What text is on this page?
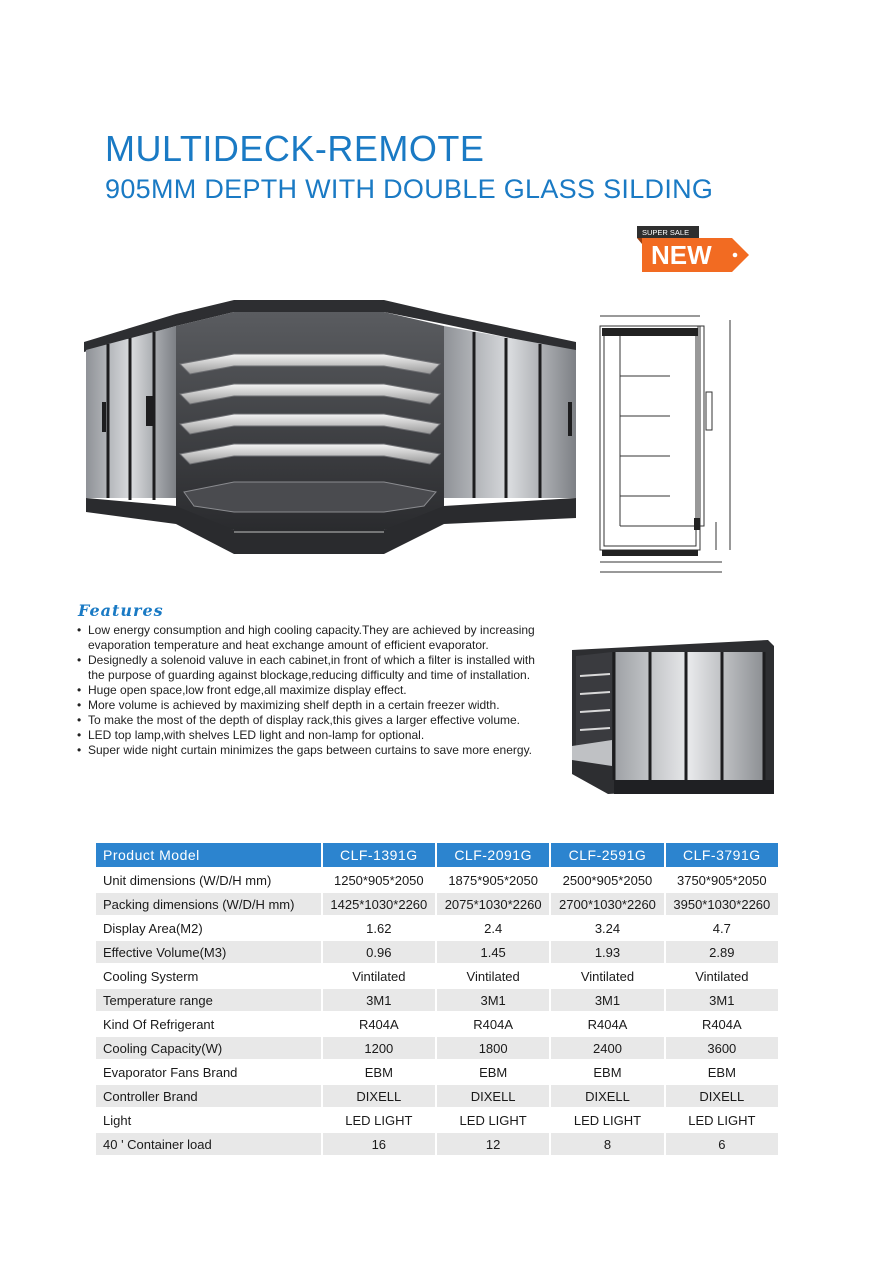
MULTIDECK-REMOTE
905MM DEPTH WITH DOUBLE GLASS SILDING
SUPER SALE
NEW
Features
• Low energy consumption and high cooling capacity.They are achieved by increasing evaporation temperature and heat exchange amount of efficient evaporator.
• Designedly a solenoid valuve in each cabinet,in front of which a filter is installed with the purpose of guarding against blockage,reducing difficulty and time of installation.
• Huge open space,low front edge,all maximize display effect.
• More volume is achieved by maximizing shelf depth in a certain freezer width.
• To make the most of the depth of display rack,this gives a larger effective volume.
• LED top lamp,with shelves LED light and non-lamp for optional.
• Super wide night curtain minimizes the gaps between curtains to save more energy.
Product Model	CLF-1391G	CLF-2091G	CLF-2591G	CLF-3791G
Unit dimensions (W/D/H mm)	1250*905*2050	1875*905*2050	2500*905*2050	3750*905*2050
Packing dimensions (W/D/H mm)	1425*1030*2260	2075*1030*2260	2700*1030*2260	3950*1030*2260
Display Area(M2)	1.62	2.4	3.24	4.7
Effective Volume(M3)	0.96	1.45	1.93	2.89
Cooling Systerm	Vintilated	Vintilated	Vintilated	Vintilated
Temperature range	3M1	3M1	3M1	3M1
Kind Of Refrigerant	R404A	R404A	R404A	R404A
Cooling Capacity(W)	1200	1800	2400	3600
Evaporator Fans Brand	EBM	EBM	EBM	EBM
Controller Brand	DIXELL	DIXELL	DIXELL	DIXELL
Light	LED LIGHT	LED LIGHT	LED LIGHT	LED LIGHT
40 ' Container load	16	12	8	6
